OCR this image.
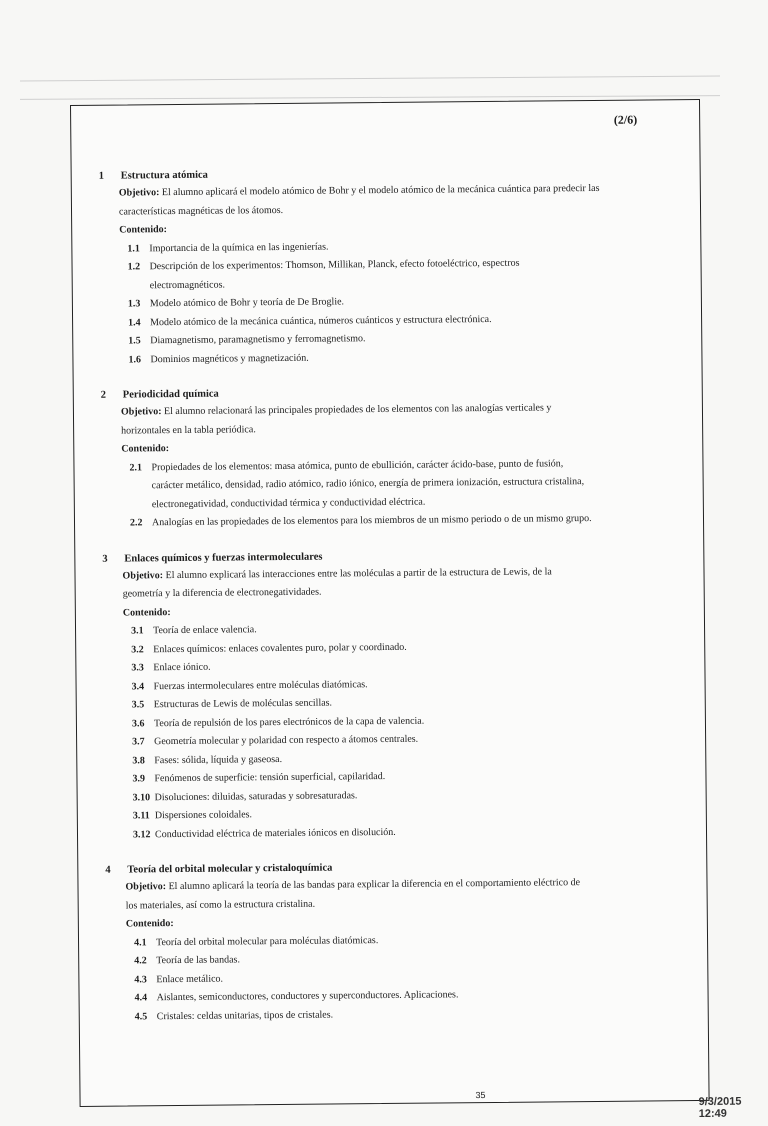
(2/6)
1 Estructura atómica
Objetivo: El alumno aplicará el modelo atómico de Bohr y el modelo atómico de la mecánica cuántica para predecir las
características magnéticas de los átomos.
Contenido:
1.1 Importancia de la química en las ingenierías.
1.2 Descripción de los experimentos: Thomson, Millikan, Planck, efecto fotoeléctrico, espectros
electromagnéticos.
1.3 Modelo atómico de Bohr y teoría de De Broglie.
1.4 Modelo atómico de la mecánica cuántica, números cuánticos y estructura electrónica.
1.5 Diamagnetismo, paramagnetismo y ferromagnetismo.
1.6 Dominios magnéticos y magnetización.
2 Periodicidad química
Objetivo: El alumno relacionará las principales propiedades de los elementos con las analogías verticales y
horizontales en la tabla periódica.
Contenido:
2.1 Propiedades de los elementos: masa atómica, punto de ebullición, carácter ácido-base, punto de fusión,
carácter metálico, densidad, radio atómico, radio iónico, energía de primera ionización, estructura cristalina,
electronegatividad, conductividad térmica y conductividad eléctrica.
2.2 Analogías en las propiedades de los elementos para los miembros de un mismo periodo o de un mismo grupo.
3 Enlaces químicos y fuerzas intermoleculares
Objetivo: El alumno explicará las interacciones entre las moléculas a partir de la estructura de Lewis, de la
geometría y la diferencia de electronegatividades.
Contenido:
3.1 Teoría de enlace valencia.
3.2 Enlaces químicos: enlaces covalentes puro, polar y coordinado.
3.3 Enlace iónico.
3.4 Fuerzas intermoleculares entre moléculas diatómicas.
3.5 Estructuras de Lewis de moléculas sencillas.
3.6 Teoría de repulsión de los pares electrónicos de la capa de valencia.
3.7 Geometría molecular y polaridad con respecto a átomos centrales.
3.8 Fases: sólida, líquida y gaseosa.
3.9 Fenómenos de superficie: tensión superficial, capilaridad.
3.10 Disoluciones: diluidas, saturadas y sobresaturadas.
3.11 Dispersiones coloidales.
3.12 Conductividad eléctrica de materiales iónicos en disolución.
4 Teoría del orbital molecular y cristaloquímica
Objetivo: El alumno aplicará la teoría de las bandas para explicar la diferencia en el comportamiento eléctrico de
los materiales, así como la estructura cristalina.
Contenido:
4.1 Teoría del orbital molecular para moléculas diatómicas.
4.2 Teoría de las bandas.
4.3 Enlace metálico.
4.4 Aislantes, semiconductores, conductores y superconductores. Aplicaciones.
4.5 Cristales: celdas unitarias, tipos de cristales.
35
9/3/2015 12:49
